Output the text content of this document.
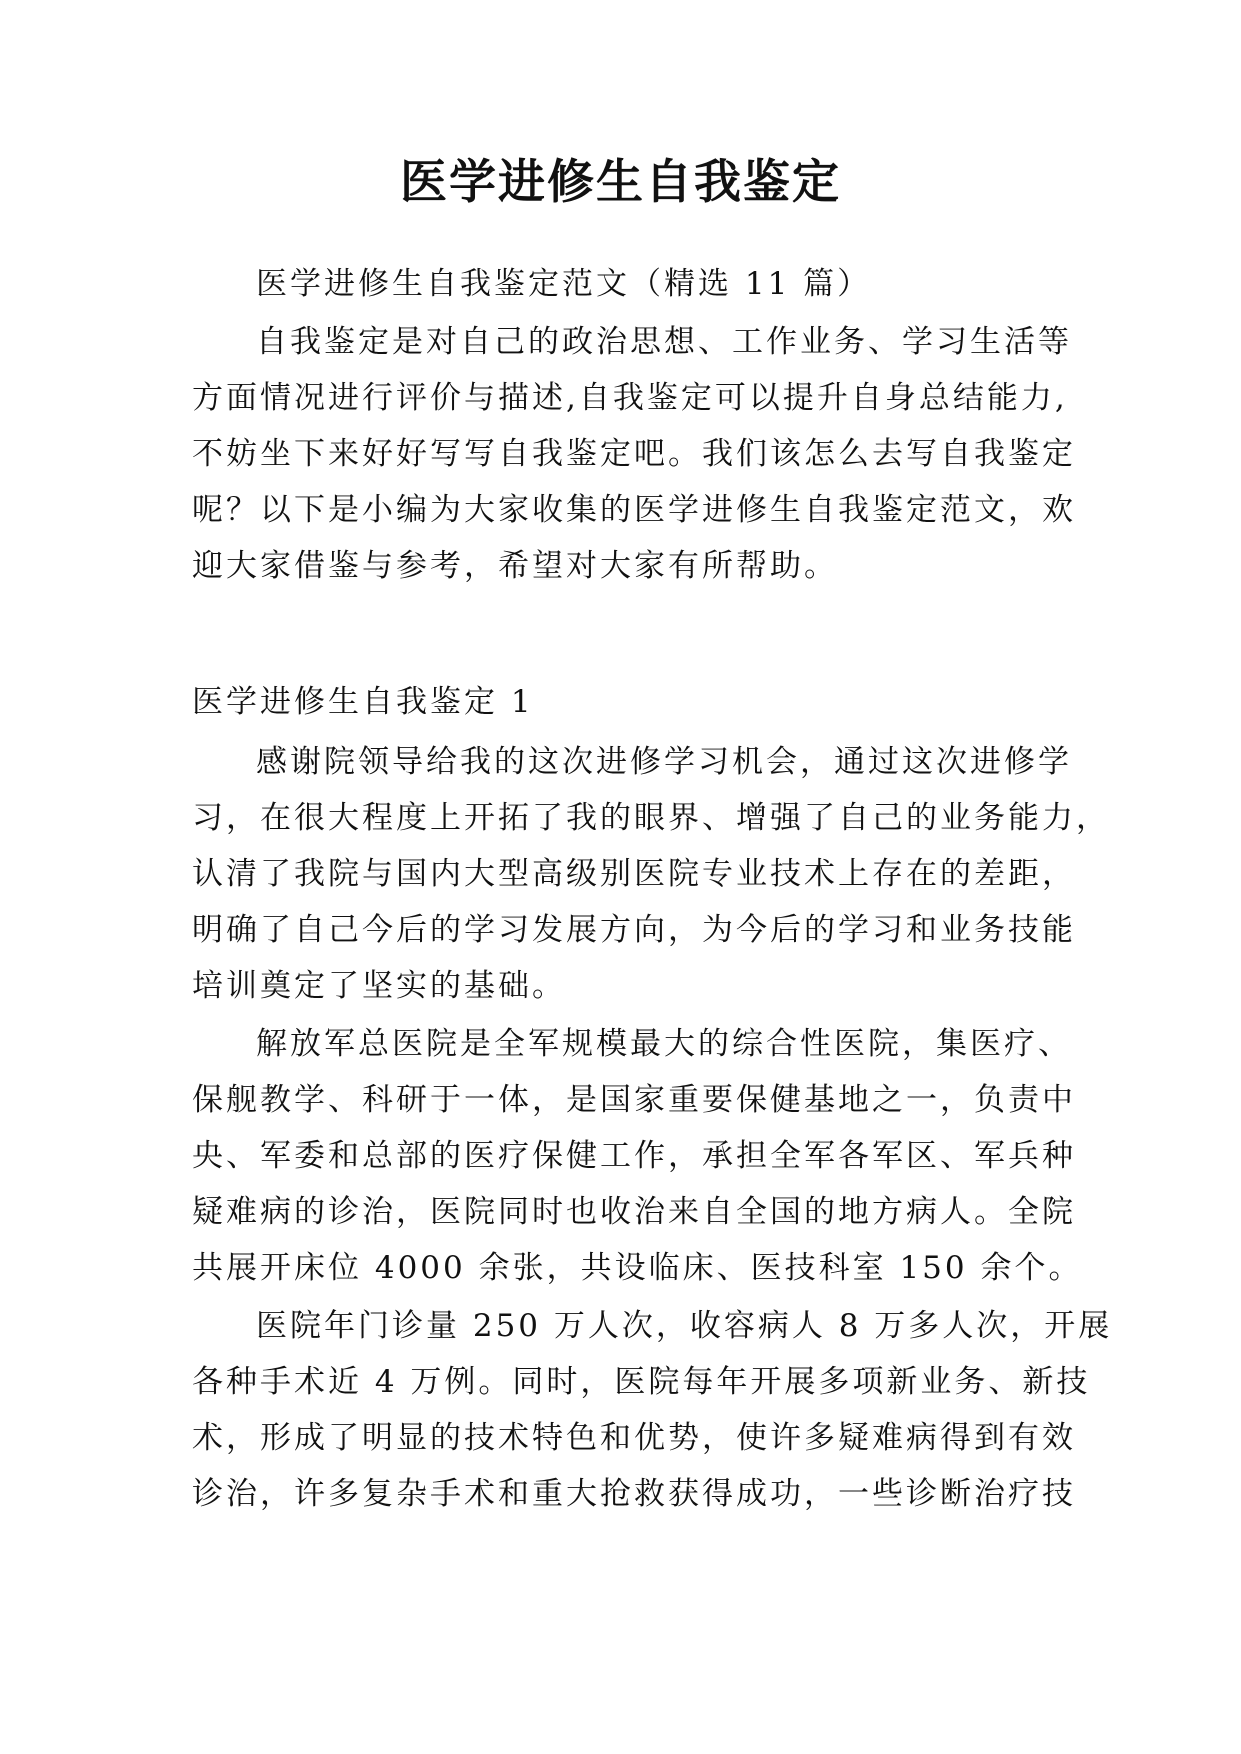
医学进修生自我鉴定
医学进修生自我鉴定范文（精选 11 篇）
自我鉴定是对自己的政治思想、工作业务、学习生活等
方面情况进行评价与描述,自我鉴定可以提升自身总结能力,
不妨坐下来好好写写自我鉴定吧。我们该怎么去写自我鉴定
呢？以下是小编为大家收集的医学进修生自我鉴定范文，欢
迎大家借鉴与参考，希望对大家有所帮助。
医学进修生自我鉴定 1
感谢院领导给我的这次进修学习机会，通过这次进修学
习，在很大程度上开拓了我的眼界、增强了自己的业务能力，
认清了我院与国内大型高级别医院专业技术上存在的差距，
明确了自己今后的学习发展方向，为今后的学习和业务技能
培训奠定了坚实的基础。
解放军总医院是全军规模最大的综合性医院，集医疗、
保舰教学、科研于一体，是国家重要保健基地之一，负责中
央、军委和总部的医疗保健工作，承担全军各军区、军兵种
疑难病的诊治，医院同时也收治来自全国的地方病人。全院
共展开床位 4000 余张，共设临床、医技科室 150 余个。
医院年门诊量 250 万人次，收容病人 8 万多人次，开展
各种手术近 4 万例。同时，医院每年开展多项新业务、新技
术，形成了明显的技术特色和优势，使许多疑难病得到有效
诊治，许多复杂手术和重大抢救获得成功，一些诊断治疗技
